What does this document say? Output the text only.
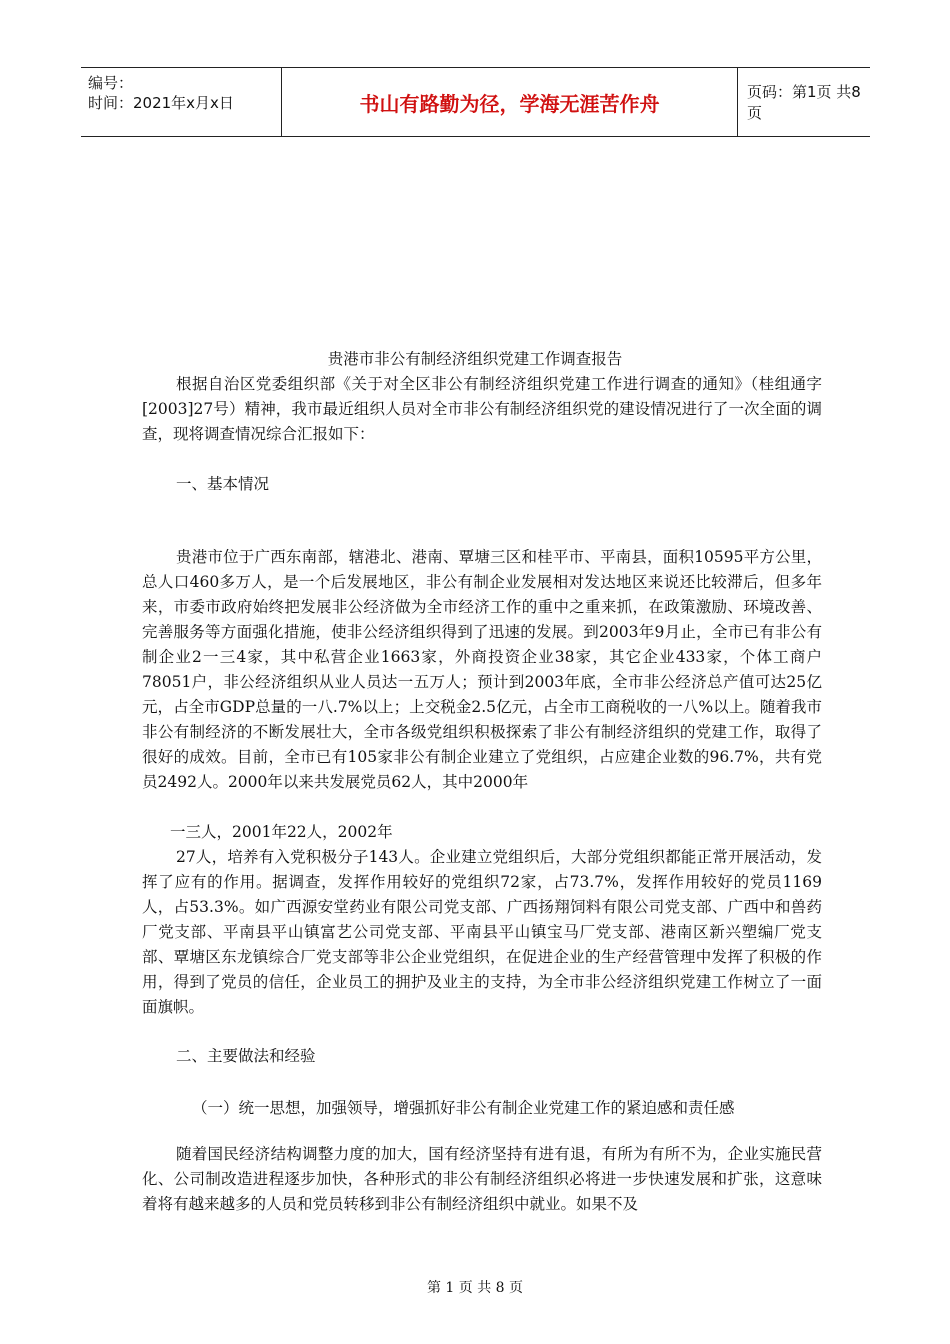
编号：
时间：2021年x月x日	书山有路勤为径，学海无涯苦作舟	页码：第1页 共8页
贵港市非公有制经济组织党建工作调查报告

根据自治区党委组织部《关于对全区非公有制经济组织党建工作进行调查的通知》（桂组通字[2003]27号）精神，我市最近组织人员对全市非公有制经济组织党的建设情况进行了一次全面的调查，现将调查情况综合汇报如下：

一、基本情况

贵港市位于广西东南部，辖港北、港南、覃塘三区和桂平市、平南县，面积10595平方公里，总人口460多万人，是一个后发展地区，非公有制企业发展相对发达地区来说还比较滞后，但多年来，市委市政府始终把发展非公经济做为全市经济工作的重中之重来抓，在政策激励、环境改善、完善服务等方面强化措施，使非公经济组织得到了迅速的发展。到2003年9月止，全市已有非公有制企业2一三4家，其中私营企业1663家，外商投资企业38家，其它企业433家，个体工商户78051户，非公经济组织从业人员达一五万人；预计到2003年底，全市非公经济总产值可达25亿元，占全市GDP总量的一八.7%以上；上交税金2.5亿元，占全市工商税收的一八%以上。随着我市非公有制经济的不断发展壮大，全市各级党组织积极探索了非公有制经济组织的党建工作，取得了很好的成效。目前，全市已有105家非公有制企业建立了党组织，占应建企业数的96.7%，共有党员2492人。2000年以来共发展党员62人，其中2000年

一三人，2001年22人，2002年

27人，培养有入党积极分子143人。企业建立党组织后，大部分党组织都能正常开展活动，发挥了应有的作用。据调查，发挥作用较好的党组织72家，占73.7%，发挥作用较好的党员1169人，占53.3%。如广西源安堂药业有限公司党支部、广西扬翔饲料有限公司党支部、广西中和兽药厂党支部、平南县平山镇富艺公司党支部、平南县平山镇宝马厂党支部、港南区新兴塑编厂党支部、覃塘区东龙镇综合厂党支部等非公企业党组织，在促进企业的生产经营管理中发挥了积极的作用，得到了党员的信任，企业员工的拥护及业主的支持，为全市非公经济组织党建工作树立了一面面旗帜。

二、主要做法和经验

（一）统一思想，加强领导，增强抓好非公有制企业党建工作的紧迫感和责任感

随着国民经济结构调整力度的加大，国有经济坚持有进有退，有所为有所不为，企业实施民营化、公司制改造进程逐步加快，各种形式的非公有制经济组织必将进一步快速发展和扩张，这意味着将有越来越多的人员和党员转移到非公有制经济组织中就业。如果不及

第 1 页 共 8 页
